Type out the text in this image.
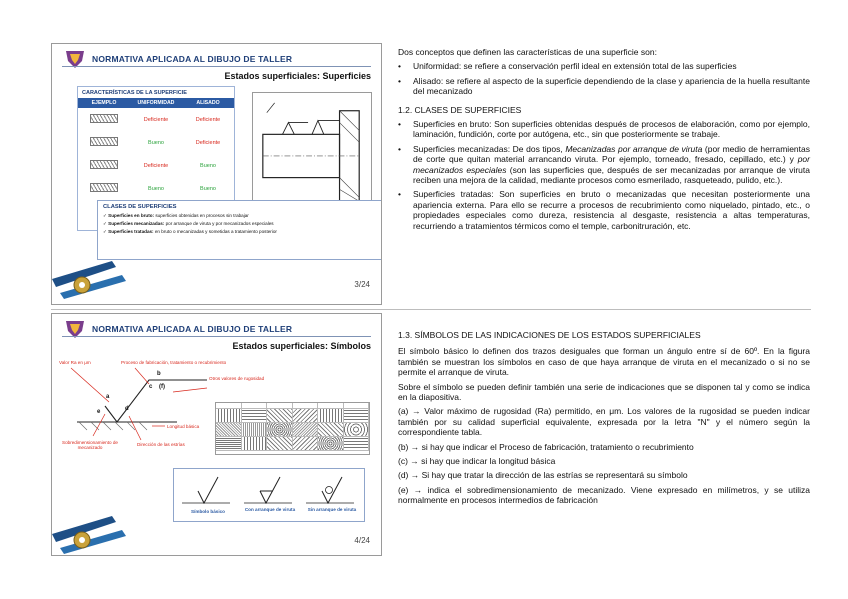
NORMATIVA APLICADA AL DIBUJO DE TALLER
Estados superficiales: Superficies
CARACTERÍSTICAS DE LA SUPERFICIE
EJEMPLO	UNIFORMIDAD	ALISADO
Deficiente	Deficiente
Bueno	Deficiente
Deficiente	Bueno
Bueno	Bueno
CLASES DE SUPERFICIES
✓ Superficies en bruto: superficies obtenidas en procesos sin trabajar
✓ Superficies mecanizadas: por arranque de viruta y por mecanizados especiales
✓ Superficies tratadas: en bruto o mecanizadas y sometidas a tratamiento posterior
3/24
NORMATIVA APLICADA AL DIBUJO DE TALLER
Estados superficiales: Símbolos
Valor Ra en μm	Proceso de fabricación, tratamiento o recubrimiento
Otros valores de rugosidad
Longitud básica
Sobredimensionamiento de mecanizado
Dirección de las estrías
a
b
c (f)
d
e
Símbolo básico	Con arranque de viruta	Sin arranque de viruta
4/24

Dos conceptos que definen las características de una superficie son:

• Uniformidad: se refiere a conservación perfil ideal en extensión total de las superficies
• Alisado: se refiere al aspecto de la superficie dependiendo de la clase y apariencia de la huella resultante del mecanizado

1.2. CLASES DE SUPERFICIES

• Superficies en bruto: Son superficies obtenidas después de procesos de elaboración, como por ejemplo, laminación, fundición, corte por autógena, etc., sin que posteriormente se trabaje.
• Superficies mecanizadas: De dos tipos, Mecanizadas por arranque de viruta (por medio de herramientas de corte que quitan material arrancando viruta. Por ejemplo, torneado, fresado, cepillado, etc.) y por mecanizados especiales (son las superficies que, después de ser mecanizadas por arranque de viruta reciben una mejora de la calidad, mediante procesos como esmerilado, rasqueteado, pulido, etc.).
• Superficies tratadas: Son superficies en bruto o mecanizadas que necesitan posteriormente una apariencia externa. Para ello se recurre a procesos de recubrimiento como niquelado, pintado, etc., o propiedades especiales como dureza, resistencia al desgaste, resistencia a altas temperaturas, recurriendo a tratamientos térmicos como el temple, carbonitruración, etc.

1.3. SÍMBOLOS DE LAS INDICACIONES DE LOS ESTADOS SUPERFICIALES

El símbolo básico lo definen dos trazos desiguales que forman un ángulo entre sí de 60º. En la figura también se muestran los símbolos en caso de que haya arranque de viruta en el mecanizado o si no se permite el arranque de viruta.

Sobre el símbolo se pueden definir también una serie de indicaciones que se disponen tal y como se indica en la diapositiva.

(a) → Valor máximo de rugosidad (Ra) permitido, en μm. Los valores de la rugosidad se pueden indicar también por su calidad superficial equivalente, expresada por la letra "N" y el número según la correspondiente tabla.

(b) → si hay que indicar el Proceso de fabricación, tratamiento o recubrimiento

(c) → si hay que indicar la longitud básica

(d) → Si hay que tratar la dirección de las estrías se representará su símbolo

(e) → indica el sobredimensionamiento de mecanizado. Viene expresado en milímetros, y se utiliza normalmente en procesos intermedios de fabricación
